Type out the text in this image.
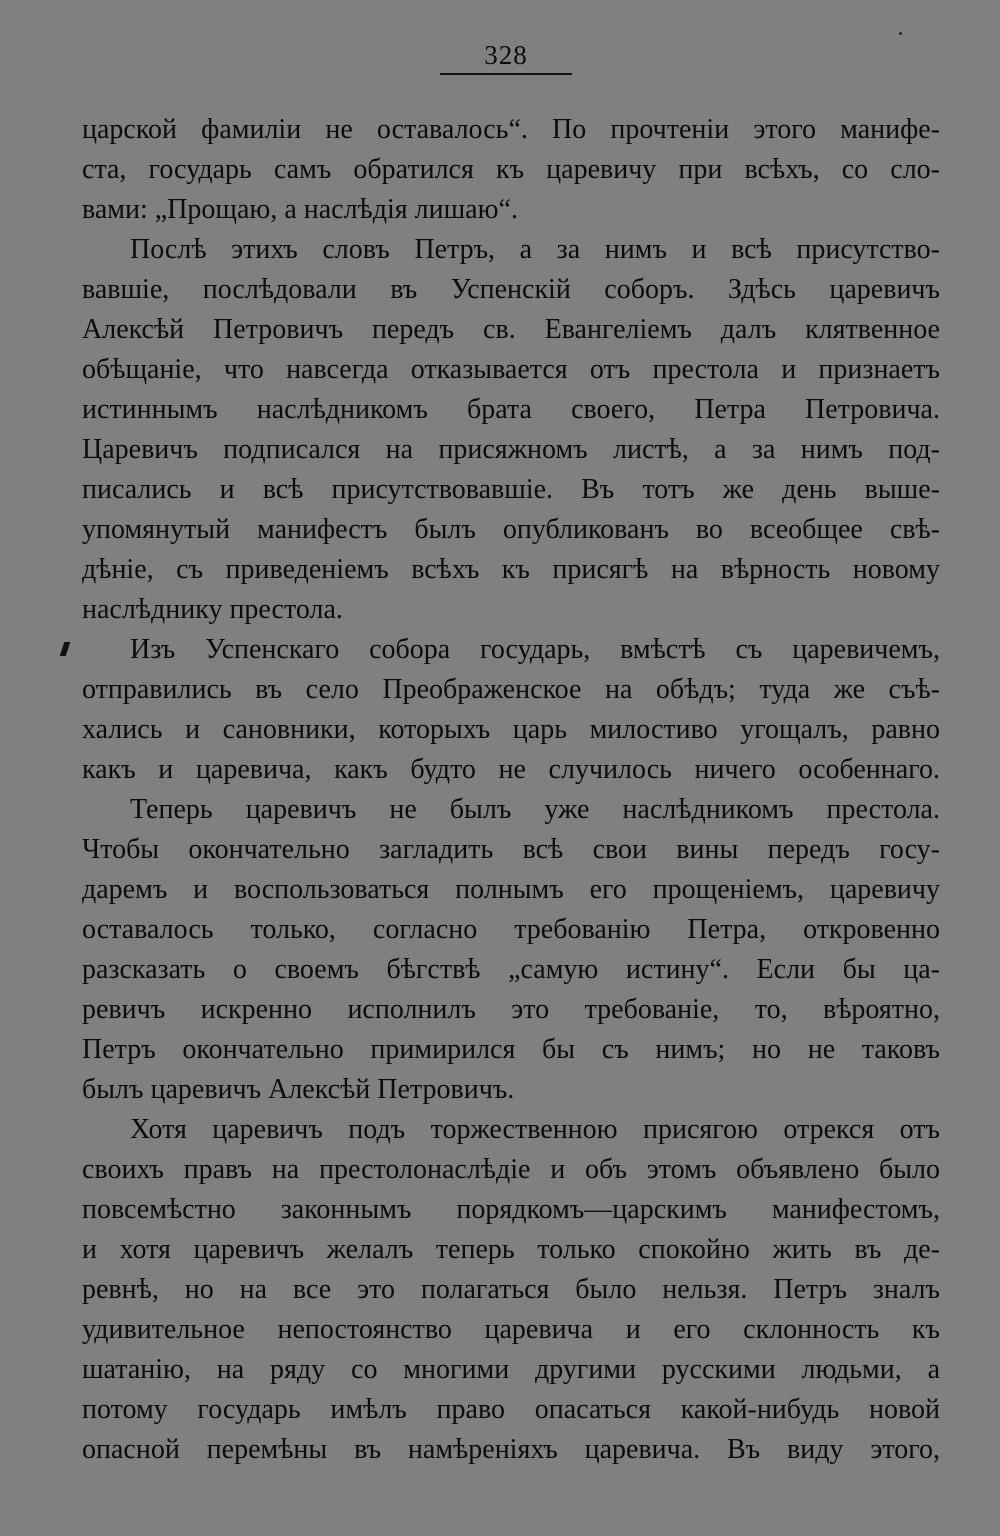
328
царской фамилiи не оставалось“. По прочтенiи этого манифе-
ста, государь самъ обратился къ царевичу при всѣхъ, со сло-
вами: „Прощаю, а наслѣдiя лишаю“.
Послѣ этихъ словъ Петръ, а за нимъ и всѣ присутство-
вавшiе, послѣдовали въ Успенскiй соборъ. Здѣсь царевичъ
Алексѣй Петровичъ передъ св. Евангелiемъ далъ клятвенное
обѣщанiе, что навсегда отказывается отъ престола и признаетъ
истиннымъ наслѣдникомъ брата своего, Петра Петровича.
Царевичъ подписался на присяжномъ листѣ, а за нимъ под-
писались и всѣ присутствовавшiе. Въ тотъ же день выше-
упомянутый манифестъ былъ опубликованъ во всеобщее свѣ-
дѣнiе, съ приведенiемъ всѣхъ къ присягѣ на вѣрность новому
наслѣднику престола.
Изъ Успенскаго собора государь, вмѣстѣ съ царевичемъ,
отправились въ село Преображенское на обѣдъ; туда же съѣ-
хались и сановники, которыхъ царь милостиво угощалъ, равно
какъ и царевича, какъ будто не случилось ничего особеннаго.
Теперь царевичъ не былъ уже наслѣдникомъ престола.
Чтобы окончательно загладить всѣ свои вины передъ госу-
даремъ и воспользоваться полнымъ его прощенiемъ, царевичу
оставалось только, согласно требованiю Петра, откровенно
разсказать о своемъ бѣгствѣ „самую истину“. Если бы ца-
ревичъ искренно исполнилъ это требованiе, то, вѣроятно,
Петръ окончательно примирился бы съ нимъ; но не таковъ
былъ царевичъ Алексѣй Петровичъ.
Хотя царевичъ подъ торжественною присягою отрекся отъ
своихъ правъ на престолонаслѣдiе и объ этомъ объявлено было
повсемѣстно законнымъ порядкомъ—царскимъ манифестомъ,
и хотя царевичъ желалъ теперь только спокойно жить въ де-
ревнѣ, но на все это полагаться было нельзя. Петръ зналъ
удивительное непостоянство царевича и его склонность къ
шатанiю, на ряду со многими другими русскими людьми, а
потому государь имѣлъ право опасаться какой-нибудь новой
опасной перемѣны въ намѣренiяхъ царевича. Въ виду этого,
